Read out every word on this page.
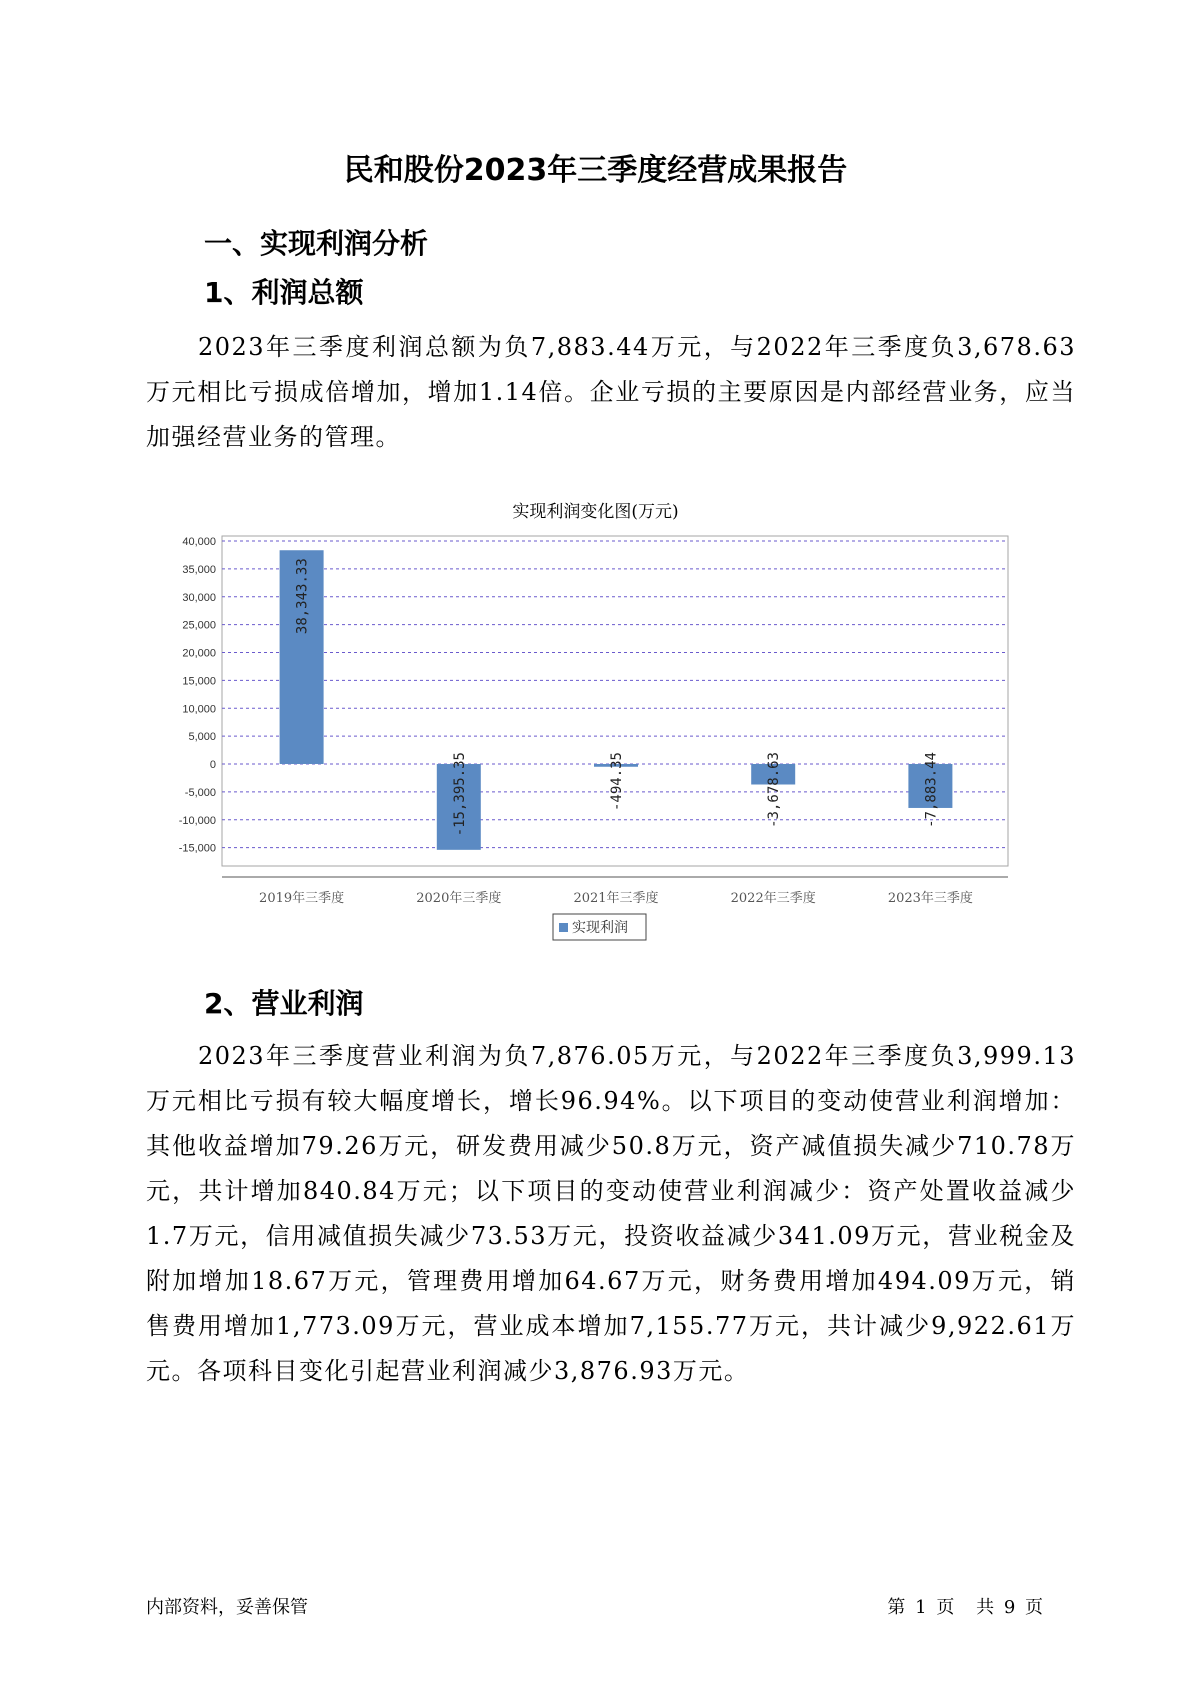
民和股份2023年三季度经营成果报告
一、实现利润分析
1、利润总额

2023年三季度利润总额为负7,883.44万元，与2022年三季度负3,678.63万元相比亏损成倍增加，增加1.14倍。企业亏损的主要原因是内部经营业务，应当加强经营业务的管理。

实现利润变化图(万元)
40,000
35,000
30,000
25,000
20,000
15,000
10,000
5,000
0
-5,000
-10,000
-15,000
38,343.33
2019年三季度
-15,395.35
2020年三季度
-494.35
2021年三季度
-3,678.63
2022年三季度
-7,883.44
2023年三季度
实现利润
2、营业利润

2023年三季度营业利润为负7,876.05万元，与2022年三季度负3,999.13万元相比亏损有较大幅度增长，增长96.94%。以下项目的变动使营业利润增加：其他收益增加79.26万元，研发费用减少50.8万元，资产减值损失减少710.78万元，共计增加840.84万元；以下项目的变动使营业利润减少：资产处置收益减少1.7万元，信用减值损失减少73.53万元，投资收益减少341.09万元，营业税金及附加增加18.67万元，管理费用增加64.67万元，财务费用增加494.09万元，销售费用增加1,773.09万元，营业成本增加7,155.77万元，共计减少9,922.61万元。各项科目变化引起营业利润减少3,876.93万元。

内部资料，妥善保管	第 1 页 共 9 页
